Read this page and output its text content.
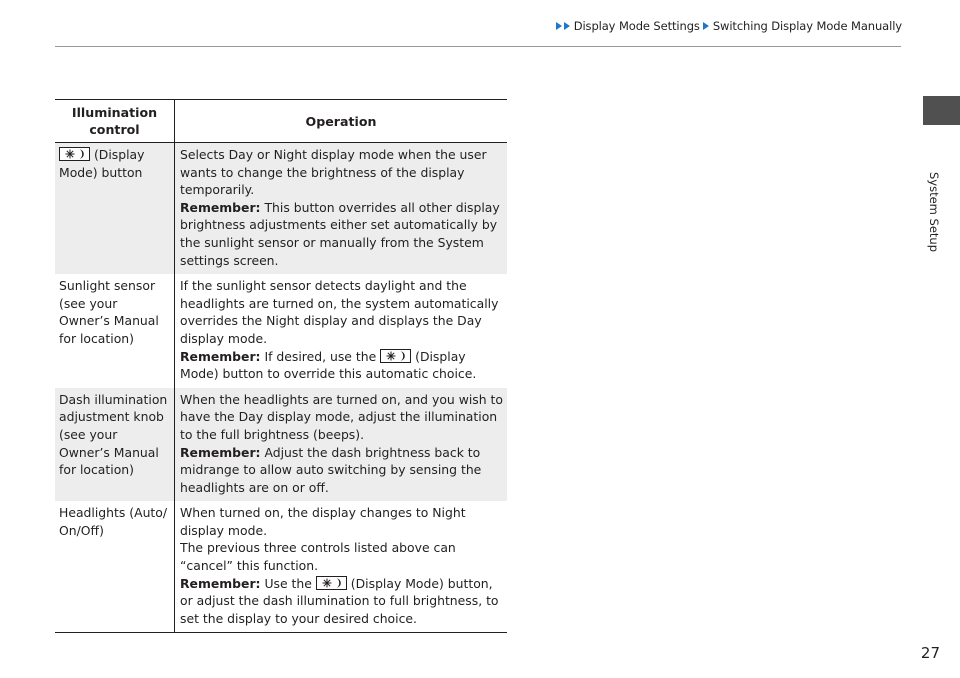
Display Mode Settings Switching Display Mode Manually
System Setup
Illumination control	Operation

(Display Mode) button	Selects Day or Night display mode when the user wants to change the brightness of the display temporarily.
Remember: This button overrides all other display brightness adjustments either set automatically by the sunlight sensor or manually from the System settings screen.
Sunlight sensor (see your Owner’s Manual for location)	If the sunlight sensor detects daylight and the headlights are turned on, the system automatically overrides the Night display and displays the Day display mode.
Remember: If desired, use the (Display Mode) button to override this automatic choice.
Dash illumination adjustment knob (see your Owner’s Manual for location)	When the headlights are turned on, and you wish to have the Day display mode, adjust the illumination to the full brightness (beeps).
Remember: Adjust the dash brightness back to midrange to allow auto switching by sensing the headlights are on or off.
Headlights (Auto/ On/Off)	When turned on, the display changes to Night display mode.
The previous three controls listed above can “cancel” this function.
Remember: Use the (Display Mode) button, or adjust the dash illumination to full brightness, to set the display to your desired choice.
27
